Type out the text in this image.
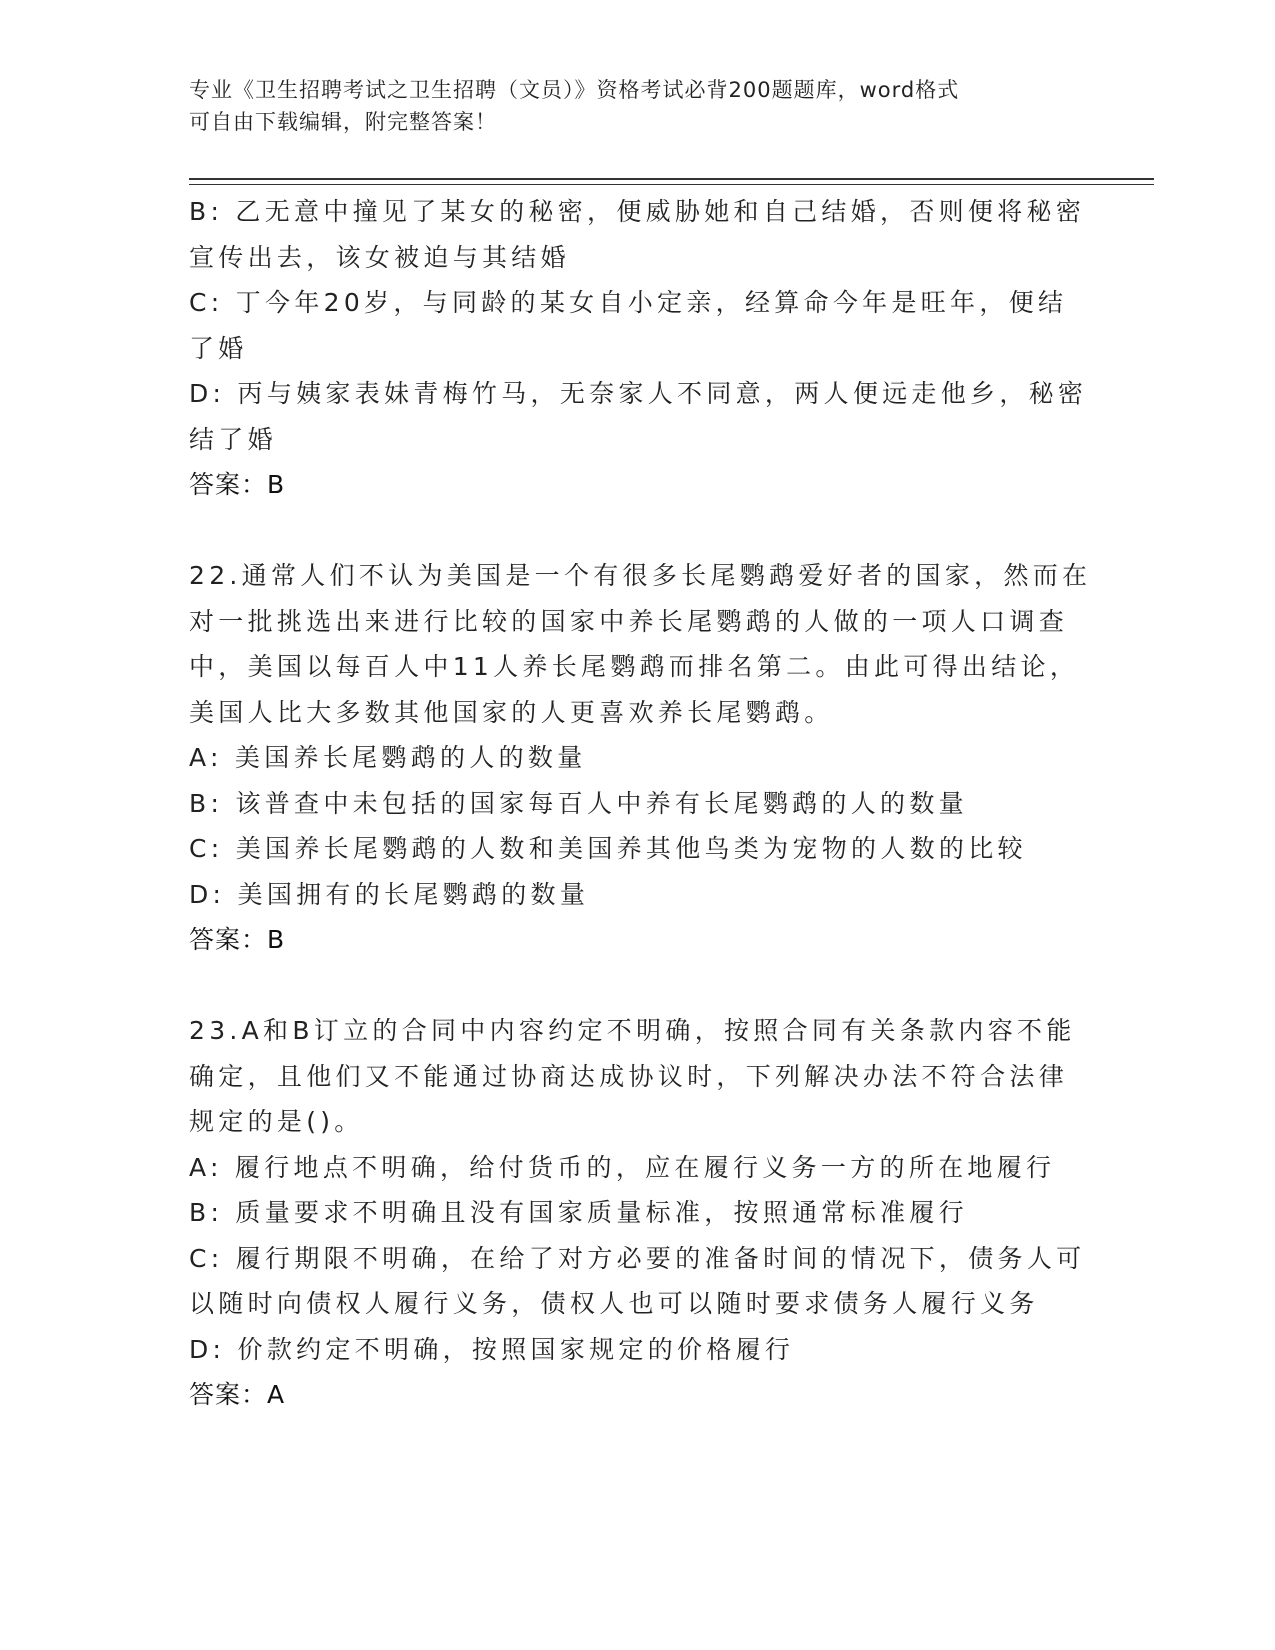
专业《卫生招聘考试之卫生招聘（文员）》资格考试必背200题题库，word格式
可自由下载编辑，附完整答案！
B: 乙无意中撞见了某女的秘密，便威胁她和自己结婚，否则便将秘密
宣传出去，该女被迫与其结婚
C: 丁今年20岁，与同龄的某女自小定亲，经算命今年是旺年，便结
了婚
D: 丙与姨家表妹青梅竹马，无奈家人不同意，两人便远走他乡，秘密
结了婚
答案：B
22.通常人们不认为美国是一个有很多长尾鹦鹉爱好者的国家，然而在
对一批挑选出来进行比较的国家中养长尾鹦鹉的人做的一项人口调查
中，美国以每百人中11人养长尾鹦鹉而排名第二。由此可得出结论，
美国人比大多数其他国家的人更喜欢养长尾鹦鹉。
A: 美国养长尾鹦鹉的人的数量
B: 该普查中未包括的国家每百人中养有长尾鹦鹉的人的数量
C: 美国养长尾鹦鹉的人数和美国养其他鸟类为宠物的人数的比较
D: 美国拥有的长尾鹦鹉的数量
答案：B
23.A和B订立的合同中内容约定不明确，按照合同有关条款内容不能
确定，且他们又不能通过协商达成协议时，下列解决办法不符合法律
规定的是()。
A: 履行地点不明确，给付货币的，应在履行义务一方的所在地履行
B: 质量要求不明确且没有国家质量标准，按照通常标准履行
C: 履行期限不明确，在给了对方必要的准备时间的情况下，债务人可
以随时向债权人履行义务，债权人也可以随时要求债务人履行义务
D: 价款约定不明确，按照国家规定的价格履行
答案：A
